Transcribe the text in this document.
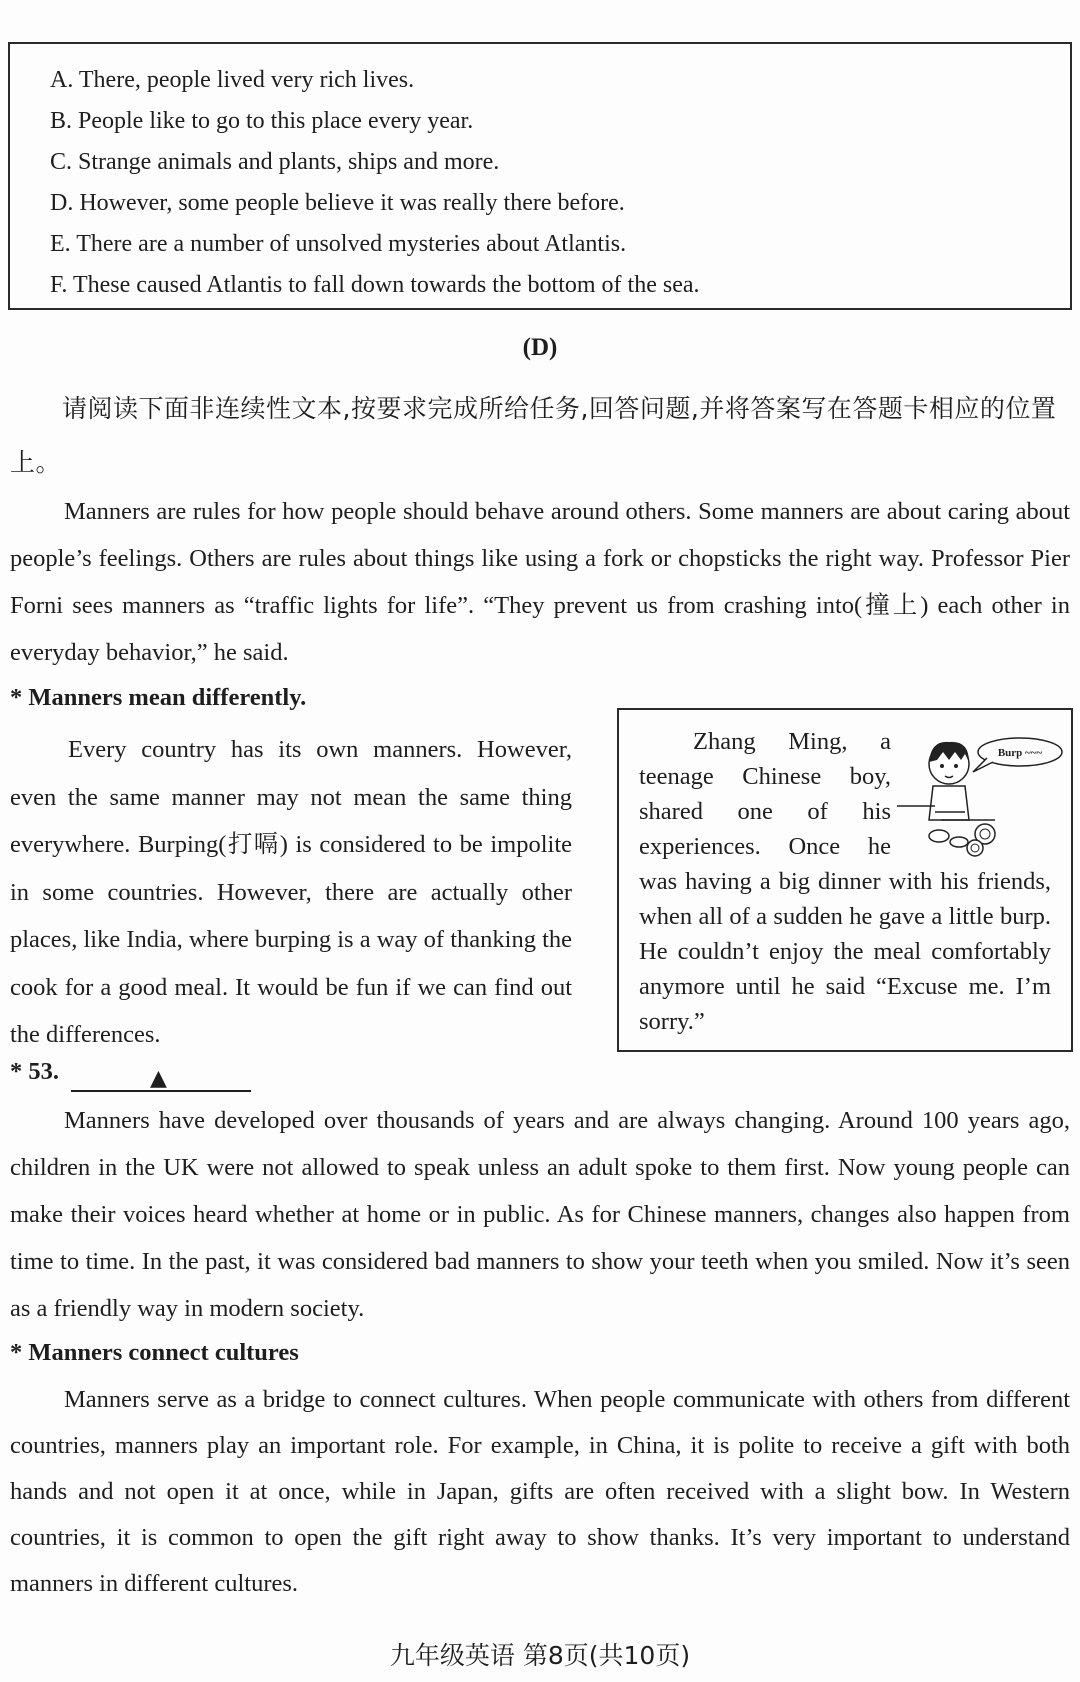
A. There, people lived very rich lives.
B. People like to go to this place every year.
C. Strange animals and plants, ships and more.
D. However, some people believe it was really there before.
E. There are a number of unsolved mysteries about Atlantis.
F. These caused Atlantis to fall down towards the bottom of the sea.
(D)
请阅读下面非连续性文本,按要求完成所给任务,回答问题,并将答案写在答题卡相应的位置上。
Manners are rules for how people should behave around others. Some manners are about caring about people’s feelings. Others are rules about things like using a fork or chopsticks the right way. Professor Pier Forni sees manners as “traffic lights for life”. “They prevent us from crashing into(撞上) each other in everyday behavior,” he said.
* Manners mean differently.
Every country has its own manners. However, even the same manner may not mean the same thing everywhere. Burping(打嗝) is considered to be impolite in some countries. However, there are actually other places, like India, where burping is a way of thanking the cook for a good meal. It would be fun if we can find out the differences.
Burp ~~~
Zhang Ming, a teenage Chinese boy, shared one of his experiences. Once he was having a big dinner with his friends, when all of a sudden he gave a little burp. He couldn’t enjoy the meal comfortably anymore until he said “Excuse me. I’m sorry.”
* 53.	▲
Manners have developed over thousands of years and are always changing. Around 100 years ago, children in the UK were not allowed to speak unless an adult spoke to them first. Now young people can make their voices heard whether at home or in public. As for Chinese manners, changes also happen from time to time. In the past, it was considered bad manners to show your teeth when you smiled. Now it’s seen as a friendly way in modern society.
* Manners connect cultures
Manners serve as a bridge to connect cultures. When people communicate with others from different countries, manners play an important role. For example, in China, it is polite to receive a gift with both hands and not open it at once, while in Japan, gifts are often received with a slight bow. In Western countries, it is common to open the gift right away to show thanks. It’s very important to understand manners in different cultures.
九年级英语 第8页(共10页)
